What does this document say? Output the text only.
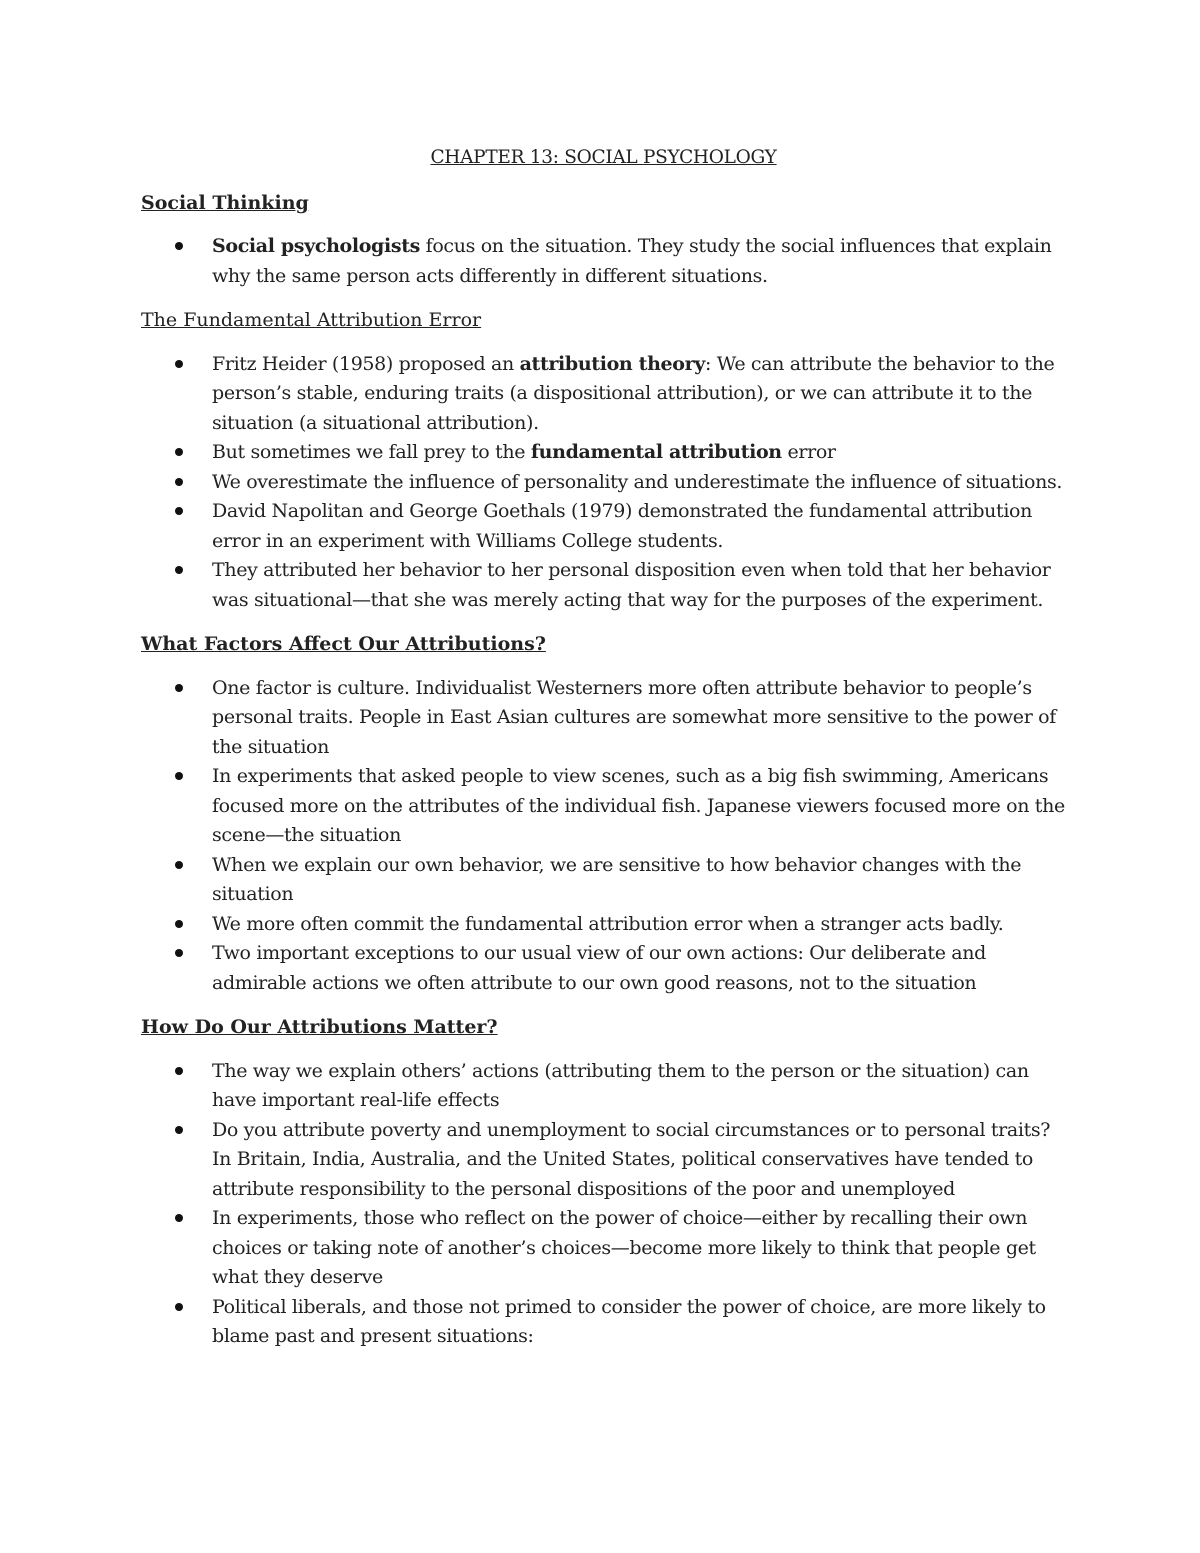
CHAPTER 13: SOCIAL PSYCHOLOGY
Social Thinking
Social psychologists focus on the situation. They study the social influences that explain why the same person acts differently in different situations.
The Fundamental Attribution Error
Fritz Heider (1958) proposed an attribution theory: We can attribute the behavior to the person’s stable, enduring traits (a dispositional attribution), or we can attribute it to the situation (a situational attribution).
But sometimes we fall prey to the fundamental attribution error
We overestimate the influence of personality and underestimate the influence of situations.
David Napolitan and George Goethals (1979) demonstrated the fundamental attribution error in an experiment with Williams College students.
They attributed her behavior to her personal disposition even when told that her behavior was situational—that she was merely acting that way for the purposes of the experiment.
What Factors Affect Our Attributions?
One factor is culture. Individualist Westerners more often attribute behavior to people’s personal traits. People in East Asian cultures are somewhat more sensitive to the power of the situation
In experiments that asked people to view scenes, such as a big fish swimming, Americans focused more on the attributes of the individual fish. Japanese viewers focused more on the scene—the situation
When we explain our own behavior, we are sensitive to how behavior changes with the situation
We more often commit the fundamental attribution error when a stranger acts badly.
Two important exceptions to our usual view of our own actions: Our deliberate and admirable actions we often attribute to our own good reasons, not to the situation
How Do Our Attributions Matter?
The way we explain others’ actions (attributing them to the person or the situation) can have important real-life effects
Do you attribute poverty and unemployment to social circumstances or to personal traits? In Britain, India, Australia, and the United States, political conservatives have tended to attribute responsibility to the personal dispositions of the poor and unemployed
In experiments, those who reflect on the power of choice—either by recalling their own choices or taking note of another’s choices—become more likely to think that people get what they deserve
Political liberals, and those not primed to consider the power of choice, are more likely to blame past and present situations:
